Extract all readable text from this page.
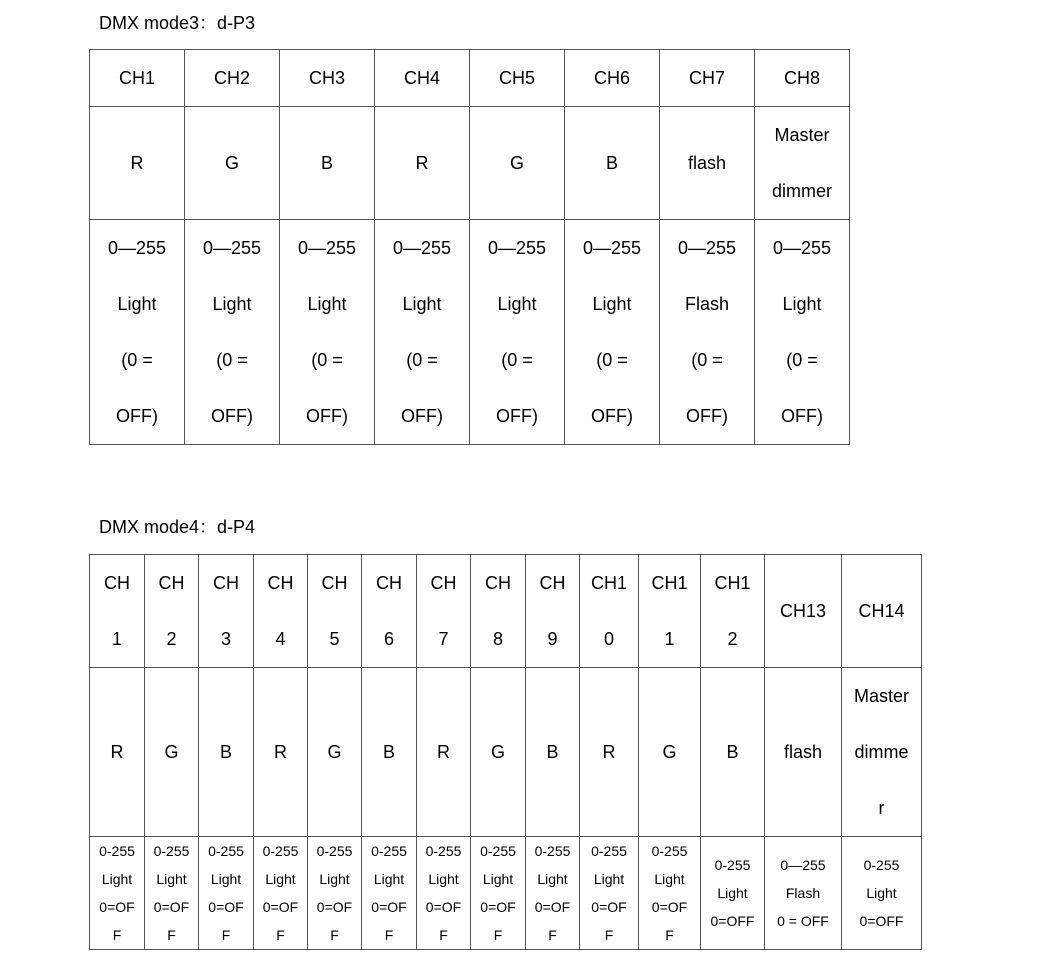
DMX mode3：d-P3
CH1	CH2	CH3	CH4	CH5	CH6	CH7	CH8

R	G	B	R	G	B	flash	Master
dimmer

0—255
Light
(0 =
OFF)	0—255
Light
(0 =
OFF)	0—255
Light
(0 =
OFF)	0—255
Light
(0 =
OFF)	0—255
Light
(0 =
OFF)	0—255
Light
(0 =
OFF)	0—255
Flash
(0 =
OFF)	0—255
Light
(0 =
OFF)
DMX mode4：d-P4
CH
1	CH
2	CH
3	CH
4	CH
5	CH
6	CH
7	CH
8	CH
9	CH1
0	CH1
1	CH1
2	CH13	CH14

R	G	B	R	G	B	R	G	B	R	G	B	flash	Master
dimme
r

0-255
Light
0=OF
F	0-255
Light
0=OF
F	0-255
Light
0=OF
F	0-255
Light
0=OF
F	0-255
Light
0=OF
F	0-255
Light
0=OF
F	0-255
Light
0=OF
F	0-255
Light
0=OF
F	0-255
Light
0=OF
F	0-255
Light
0=OF
F	0-255
Light
0=OF
F	0-255
Light
0=OFF	0—255
Flash
0 = OFF	0-255
Light
0=OFF
